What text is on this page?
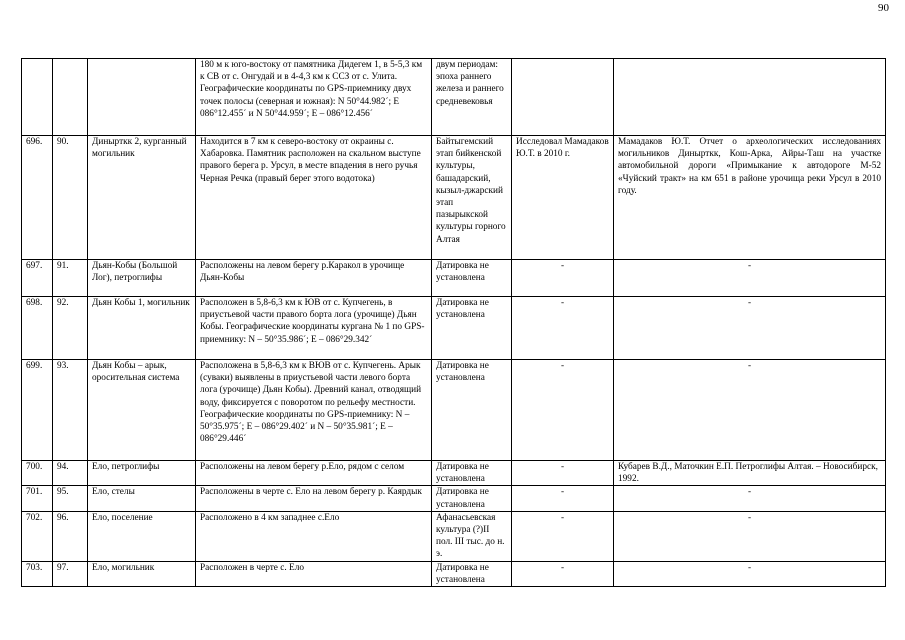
90
			180 м к юго-востоку от памятника Дидегем 1, в 5-5,3 км к СВ от с. Онгудай и в 4-4,3 км к ССЗ от с. Улита. Географические координаты по GPS-приемнику двух точек полосы (северная и южная): N 50°44.982´; E 086°12.455´ и N 50°44.959´; E – 086°12.456´	двум периодам: эпоха раннего железа и раннего средневековья		
696.	90.	Динырткк 2, курганный могильник	Находится в 7 км к северо-востоку от окраины с. Хабаровка. Памятник расположен на скальном выступе правого берега р. Урсул, в месте впадения в него ручья Черная Речка (правый берег этого водотока)	Байтыгемский этап бийкенской культуры, башадарский, кызыл-джарский этап пазырыкской культуры горного Алтая	Исследовал Мамадаков Ю.Т. в 2010 г.	Мамадаков Ю.Т. Отчет о археологических исследованиях могильников Динырткк, Кош-Арка, Айры-Таш на участке автомобильной дороги «Примыкание к автодороге М-52 «Чуйский тракт» на км 651 в районе урочища реки Урсул в 2010 году.
697.	91.	Дьян-Кобы (Большой Лог), петроглифы	Расположены на левом берегу р.Каракол в урочище Дьян-Кобы	Датировка не установлена	-	-
698.	92.	Дьян Кобы 1, могильник	Расположен в 5,8-6,3 км к ЮВ от с. Купчегень, в приустьевой части правого борта лога (урочище) Дьян Кобы. Географические координаты кургана № 1 по GPS-приемнику: N – 50°35.986´; E – 086°29.342´	Датировка не установлена	-	-
699.	93.	Дьян Кобы – арык, оросительная система	Расположена в 5,8-6,3 км к ВЮВ от с. Купчегень. Арык (суваки) выявлены в приустьевой части левого борта лога (урочище) Дьян Кобы). Древний канал, отводящий воду, фиксируется с поворотом по рельефу местности. Географические координаты по GPS-приемнику: N – 50°35.975´; E – 086°29.402´ и N – 50°35.981´; E – 086°29.446´	Датировка не установлена	-	-
700.	94.	Ело, петроглифы	Расположены на левом берегу р.Ело, рядом с селом	Датировка не установлена	-	Кубарев В.Д., Маточкин Е.П. Петроглифы Алтая. – Новосибирск, 1992.
701.	95.	Ело, стелы	Расположены в черте с. Ело на левом берегу р. Каярдык	Датировка не установлена	-	-
702.	96.	Ело, поселение	Расположено в 4 км западнее с.Ело	Афанасьевская культура (?)II пол. III тыс. до н. э.	-	-
703.	97.	Ело, могильник	Расположен в черте с. Ело	Датировка не установлена	-	-
